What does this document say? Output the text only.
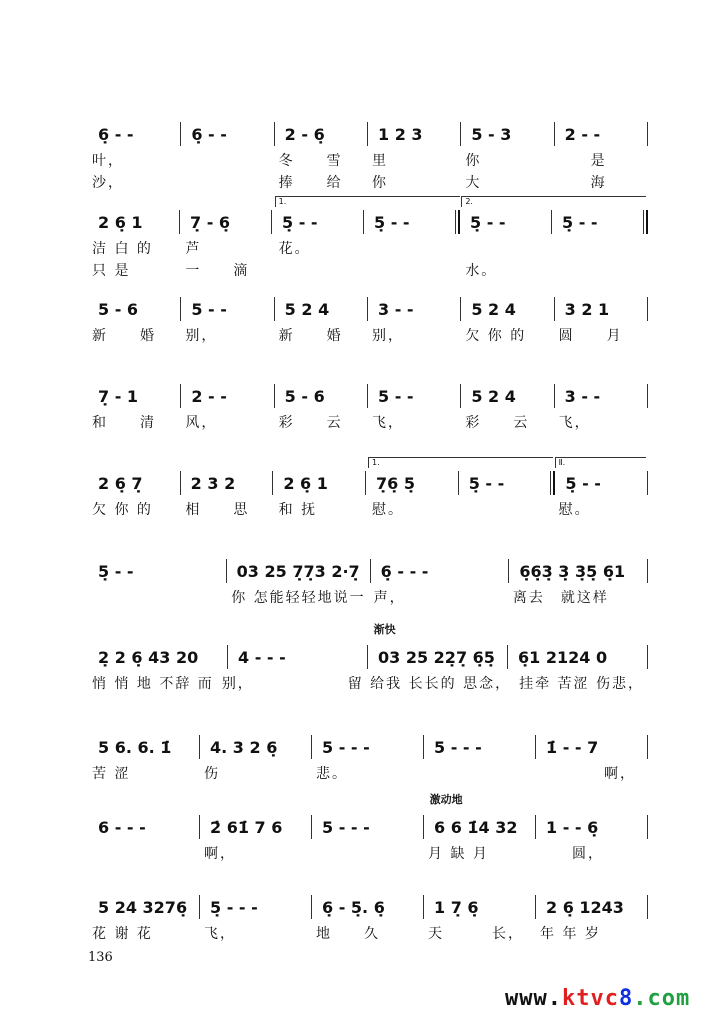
6̣ - -	6̣ - -	2 - 6̣	1 2 3	5 - 3	2 - -
叶，	冬　　雪	里	你	　　是
沙，	捧　　给	你	大	　　海
2 6̣ 1	7̣ - 6̣	5̣ - -	5̣ - -	5̣ - -	5̣ - -
1.	2.
洁 白 的	芦	花。
只 是	一　　滴	水。
5 - 6	5 - -	5 2 4	3 - -	5 2 4	3 2 1
新　　婚	别，	新　　婚	别，	欠 你 的	圆　　月
7̣ - 1	2 - -	5 - 6	5 - -	5 2 4	3 - -
和　　清	风，	彩　　云	飞，	彩　　云	飞，
2 6̣ 7̣	2 3 2	2 6̣ 1	7̣6̣ 5̣	5̣ - -	5̣ - -
1.	Ⅱ.
欠 你 的	相　　思	和 抚	慰。	慰。
5̣ - -	03 25 7̣7̣3 2·7̣ 6̣ - - -	6̣6̣3̣ 3̣ 3̣5̣ 6̣1
你 怎能轻轻地说一 声，	离去　就这样
2̣ 2 6̣ 43 20 4 - - -	03 25 22̣7̣ 6̣5̣ 6̣1 2124 0
渐快
悄 悄 地 不辞 而 别，	留 给我 长长的 思念， 挂牵 苦涩 伤悲，
5 6. 6. 1̇ 4. 3 2 6̣	5 - - -	5 - - -	1̇ - - 7
苦 涩	伤	悲。	　　　　啊，
6 - - -	2̇ 61̇ 7 6 5 - - -	6 6 1̇4 32 1 - - 6̣
激动地
啊，	月 缺 月	　　圆，
5 24 3276̣ 5̣ - - -	6̣ - 5̣. 6̣	1 7̣ 6̣	2 6̣ 1243
花 谢 花	飞，	地　　久	天　　　长，	年 年 岁
136
www.ktvc8.com
